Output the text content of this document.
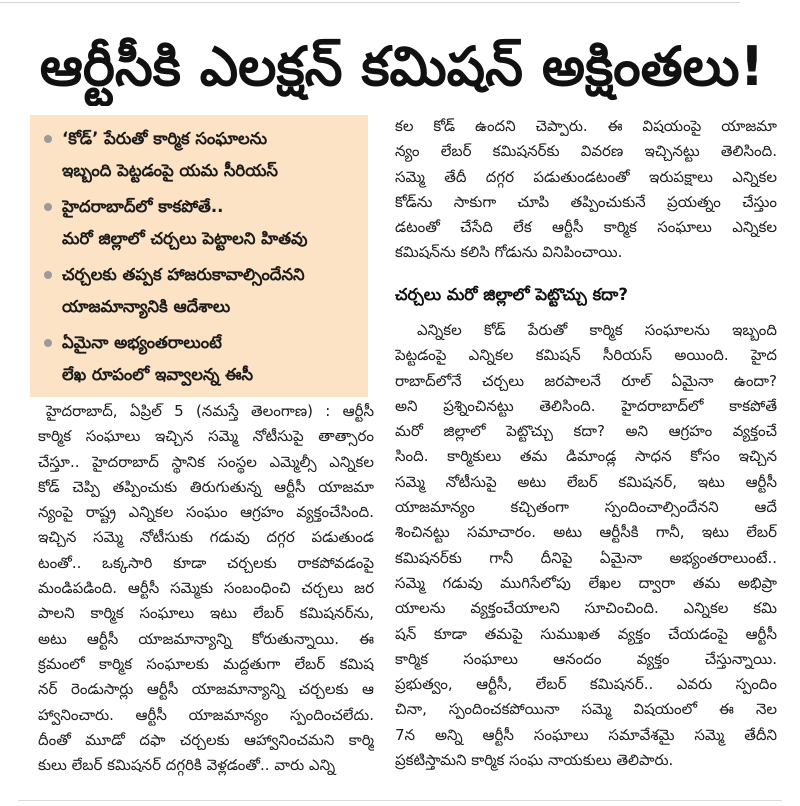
ఆర్టీసీకి ఎలక్షన్ కమిషన్ అక్షింతలు!
‘కోడ్’ పేరుతో కార్మిక సంఘాలను
ఇబ్బంది పెట్టడంపై యమ సీరియస్
హైదరాబాద్‌లో కాకపోతే..
మరో జిల్లాలో చర్చలు పెట్టాలని హితవు
చర్చలకు తప్పక హాజరుకావాల్సిందేనని
యాజమాన్యానికి ఆదేశాలు
ఏమైనా అభ్యంతరాలుంటే
లేఖ రూపంలో ఇవ్వాలన్న ఈసీ
హైదరాబాద్, ఏప్రిల్ 5 (నమస్తే తెలంగాణ) : ఆర్టీసీ
కార్మిక సంఘాలు ఇచ్చిన సమ్మె నోటీసుపై తాత్సారం
చేస్తూ.. హైదరాబాద్ స్థానిక సంస్థల ఎమ్మెల్సీ ఎన్నికల
కోడ్ చెప్పి తప్పించుకు తిరుగుతున్న ఆర్టీసీ యాజమా
న్యంపై రాష్ట్ర ఎన్నికల సంఘం ఆగ్రహం వ్యక్తంచేసింది.
ఇచ్చిన సమ్మె నోటీసుకు గడువు దగ్గర పడుతుండ
టంతో.. ఒక్కసారి కూడా చర్చలకు రాకపోవడంపై
మండిపడింది. ఆర్టీసీ సమ్మెకు సంబంధించి చర్చలు జర
పాలని కార్మిక సంఘాలు ఇటు లేబర్ కమిషనర్‌ను,
అటు ఆర్టీసీ యాజమాన్యాన్ని కోరుతున్నాయి. ఈ
క్రమంలో కార్మిక సంఘాలకు మద్దతుగా లేబర్ కమిష
నర్ రెండుసార్లు ఆర్టీసీ యాజమాన్యాన్ని చర్చలకు ఆ
హ్వానించారు. ఆర్టీసీ యాజమాన్యం స్పందించలేదు.
దీంతో మూడో దఫా చర్చలకు ఆహ్వానించమని కార్మి
కులు లేబర్ కమిషనర్ దగ్గరికి వెళ్లడంతో.. వారు ఎన్ని
కల కోడ్ ఉందని చెప్పారు. ఈ విషయంపై యాజమా
న్యం లేబర్ కమిషనర్‌కు వివరణ ఇచ్చినట్టు తెలిసింది.
సమ్మె తేదీ దగ్గర పడుతుండటంతో ఇరుపక్షాలు ఎన్నికల
కోడ్‌ను సాకుగా చూపి తప్పించుకునే ప్రయత్నం చేస్తుం
డటంతో చేసేది లేక ఆర్టీసీ కార్మిక సంఘాలు ఎన్నికల
కమిషన్‌ను కలిసి గోడును వినిపించాయి.
చర్చలు మరో జిల్లాలో పెట్టొచ్చు కదా?
ఎన్నికల కోడ్ పేరుతో కార్మిక సంఘాలను ఇబ్బంది
పెట్టడంపై ఎన్నికల కమిషన్ సీరియస్ అయింది. హైద
రాబాద్‌లోనే చర్చలు జరపాలనే రూల్ ఏమైనా ఉందా?
అని ప్రశ్నించినట్టు తెలిసింది. హైదరాబాద్‌లో కాకపోతే
మరో జిల్లాలో పెట్టొచ్చు కదా? అని ఆగ్రహం వ్యక్తంచే
సింది. కార్మికులు తమ డిమాండ్ల సాధన కోసం ఇచ్చిన
సమ్మె నోటీసుపై అటు లేబర్ కమిషనర్, ఇటు ఆర్టీసీ
యాజమాన్యం కచ్చితంగా స్పందించాల్సిందేనని ఆదే
శించినట్టు సమాచారం. అటు ఆర్టీసీకి గానీ, ఇటు లేబర్
కమిషనర్‌కు గానీ దీనిపై ఏమైనా అభ్యంతరాలుంటే..
సమ్మె గడువు ముగిసేలోపు లేఖల ద్వారా తమ అభిప్రా
యాలను వ్యక్తంచేయాలని సూచించింది. ఎన్నికల కమి
షన్ కూడా తమపై సుముఖత వ్యక్తం చేయడంపై ఆర్టీసీ
కార్మిక సంఘాలు ఆనందం వ్యక్తం చేస్తున్నాయి.
ప్రభుత్వం, ఆర్టీసీ, లేబర్ కమిషనర్.. ఎవరు స్పందిం
చినా, స్పందించకపోయినా సమ్మె విషయంలో ఈ నెల
7న అన్ని ఆర్టీసీ సంఘాలు సమావేశమై సమ్మె తేదీని
ప్రకటిస్తామని కార్మిక సంఘ నాయకులు తెలిపారు.
